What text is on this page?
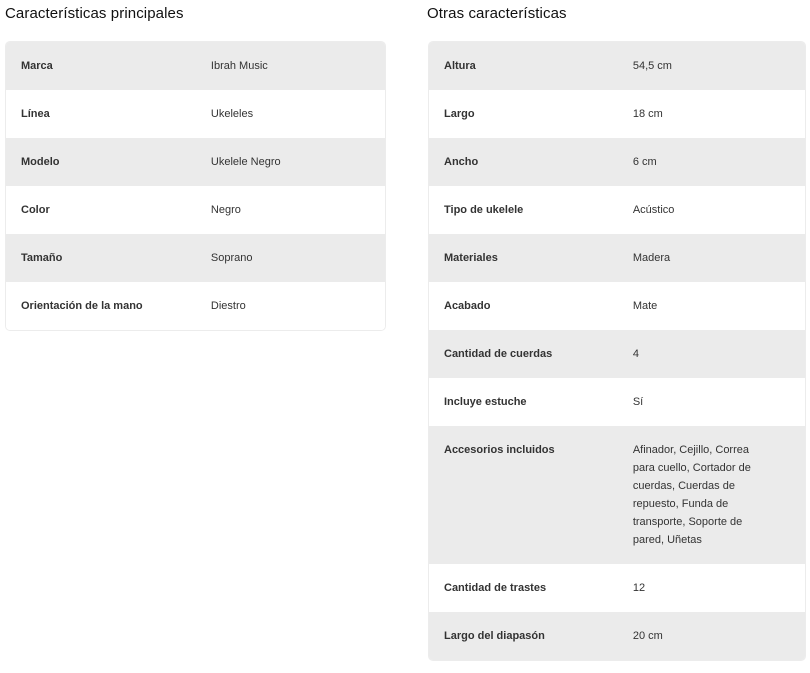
Características principales
Marca	Ibrah Music
Línea	Ukeleles
Modelo	Ukelele Negro
Color	Negro
Tamaño	Soprano
Orientación de la mano	Diestro
Otras características
Altura	54,5 cm
Largo	18 cm
Ancho	6 cm
Tipo de ukelele	Acústico
Materiales	Madera
Acabado	Mate
Cantidad de cuerdas	4
Incluye estuche	Sí
Accesorios incluidos	Afinador, Cejillo, Correa para cuello, Cortador de cuerdas, Cuerdas de repuesto, Funda de transporte, Soporte de pared, Uñetas
Cantidad de trastes	12
Largo del diapasón	20 cm
